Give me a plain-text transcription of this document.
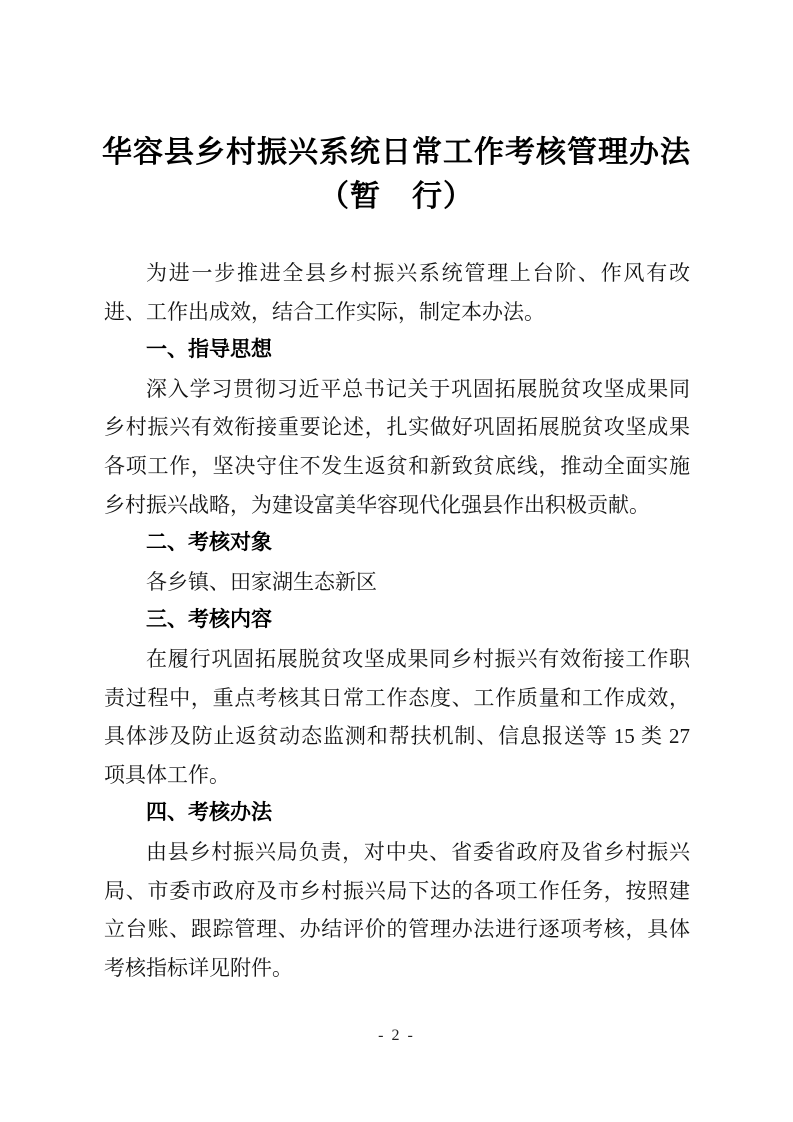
华容县乡村振兴系统日常工作考核管理办法
（暂　行）

为进一步推进全县乡村振兴系统管理上台阶、作风有改进、工作出成效，结合工作实际，制定本办法。

一、指导思想

深入学习贯彻习近平总书记关于巩固拓展脱贫攻坚成果同乡村振兴有效衔接重要论述，扎实做好巩固拓展脱贫攻坚成果各项工作，坚决守住不发生返贫和新致贫底线，推动全面实施乡村振兴战略，为建设富美华容现代化强县作出积极贡献。

二、考核对象

各乡镇、田家湖生态新区

三、考核内容

在履行巩固拓展脱贫攻坚成果同乡村振兴有效衔接工作职责过程中，重点考核其日常工作态度、工作质量和工作成效，具体涉及防止返贫动态监测和帮扶机制、信息报送等 15 类 27 项具体工作。

四、考核办法

由县乡村振兴局负责，对中央、省委省政府及省乡村振兴局、市委市政府及市乡村振兴局下达的各项工作任务，按照建立台账、跟踪管理、办结评价的管理办法进行逐项考核，具体考核指标详见附件。

- 2 -
